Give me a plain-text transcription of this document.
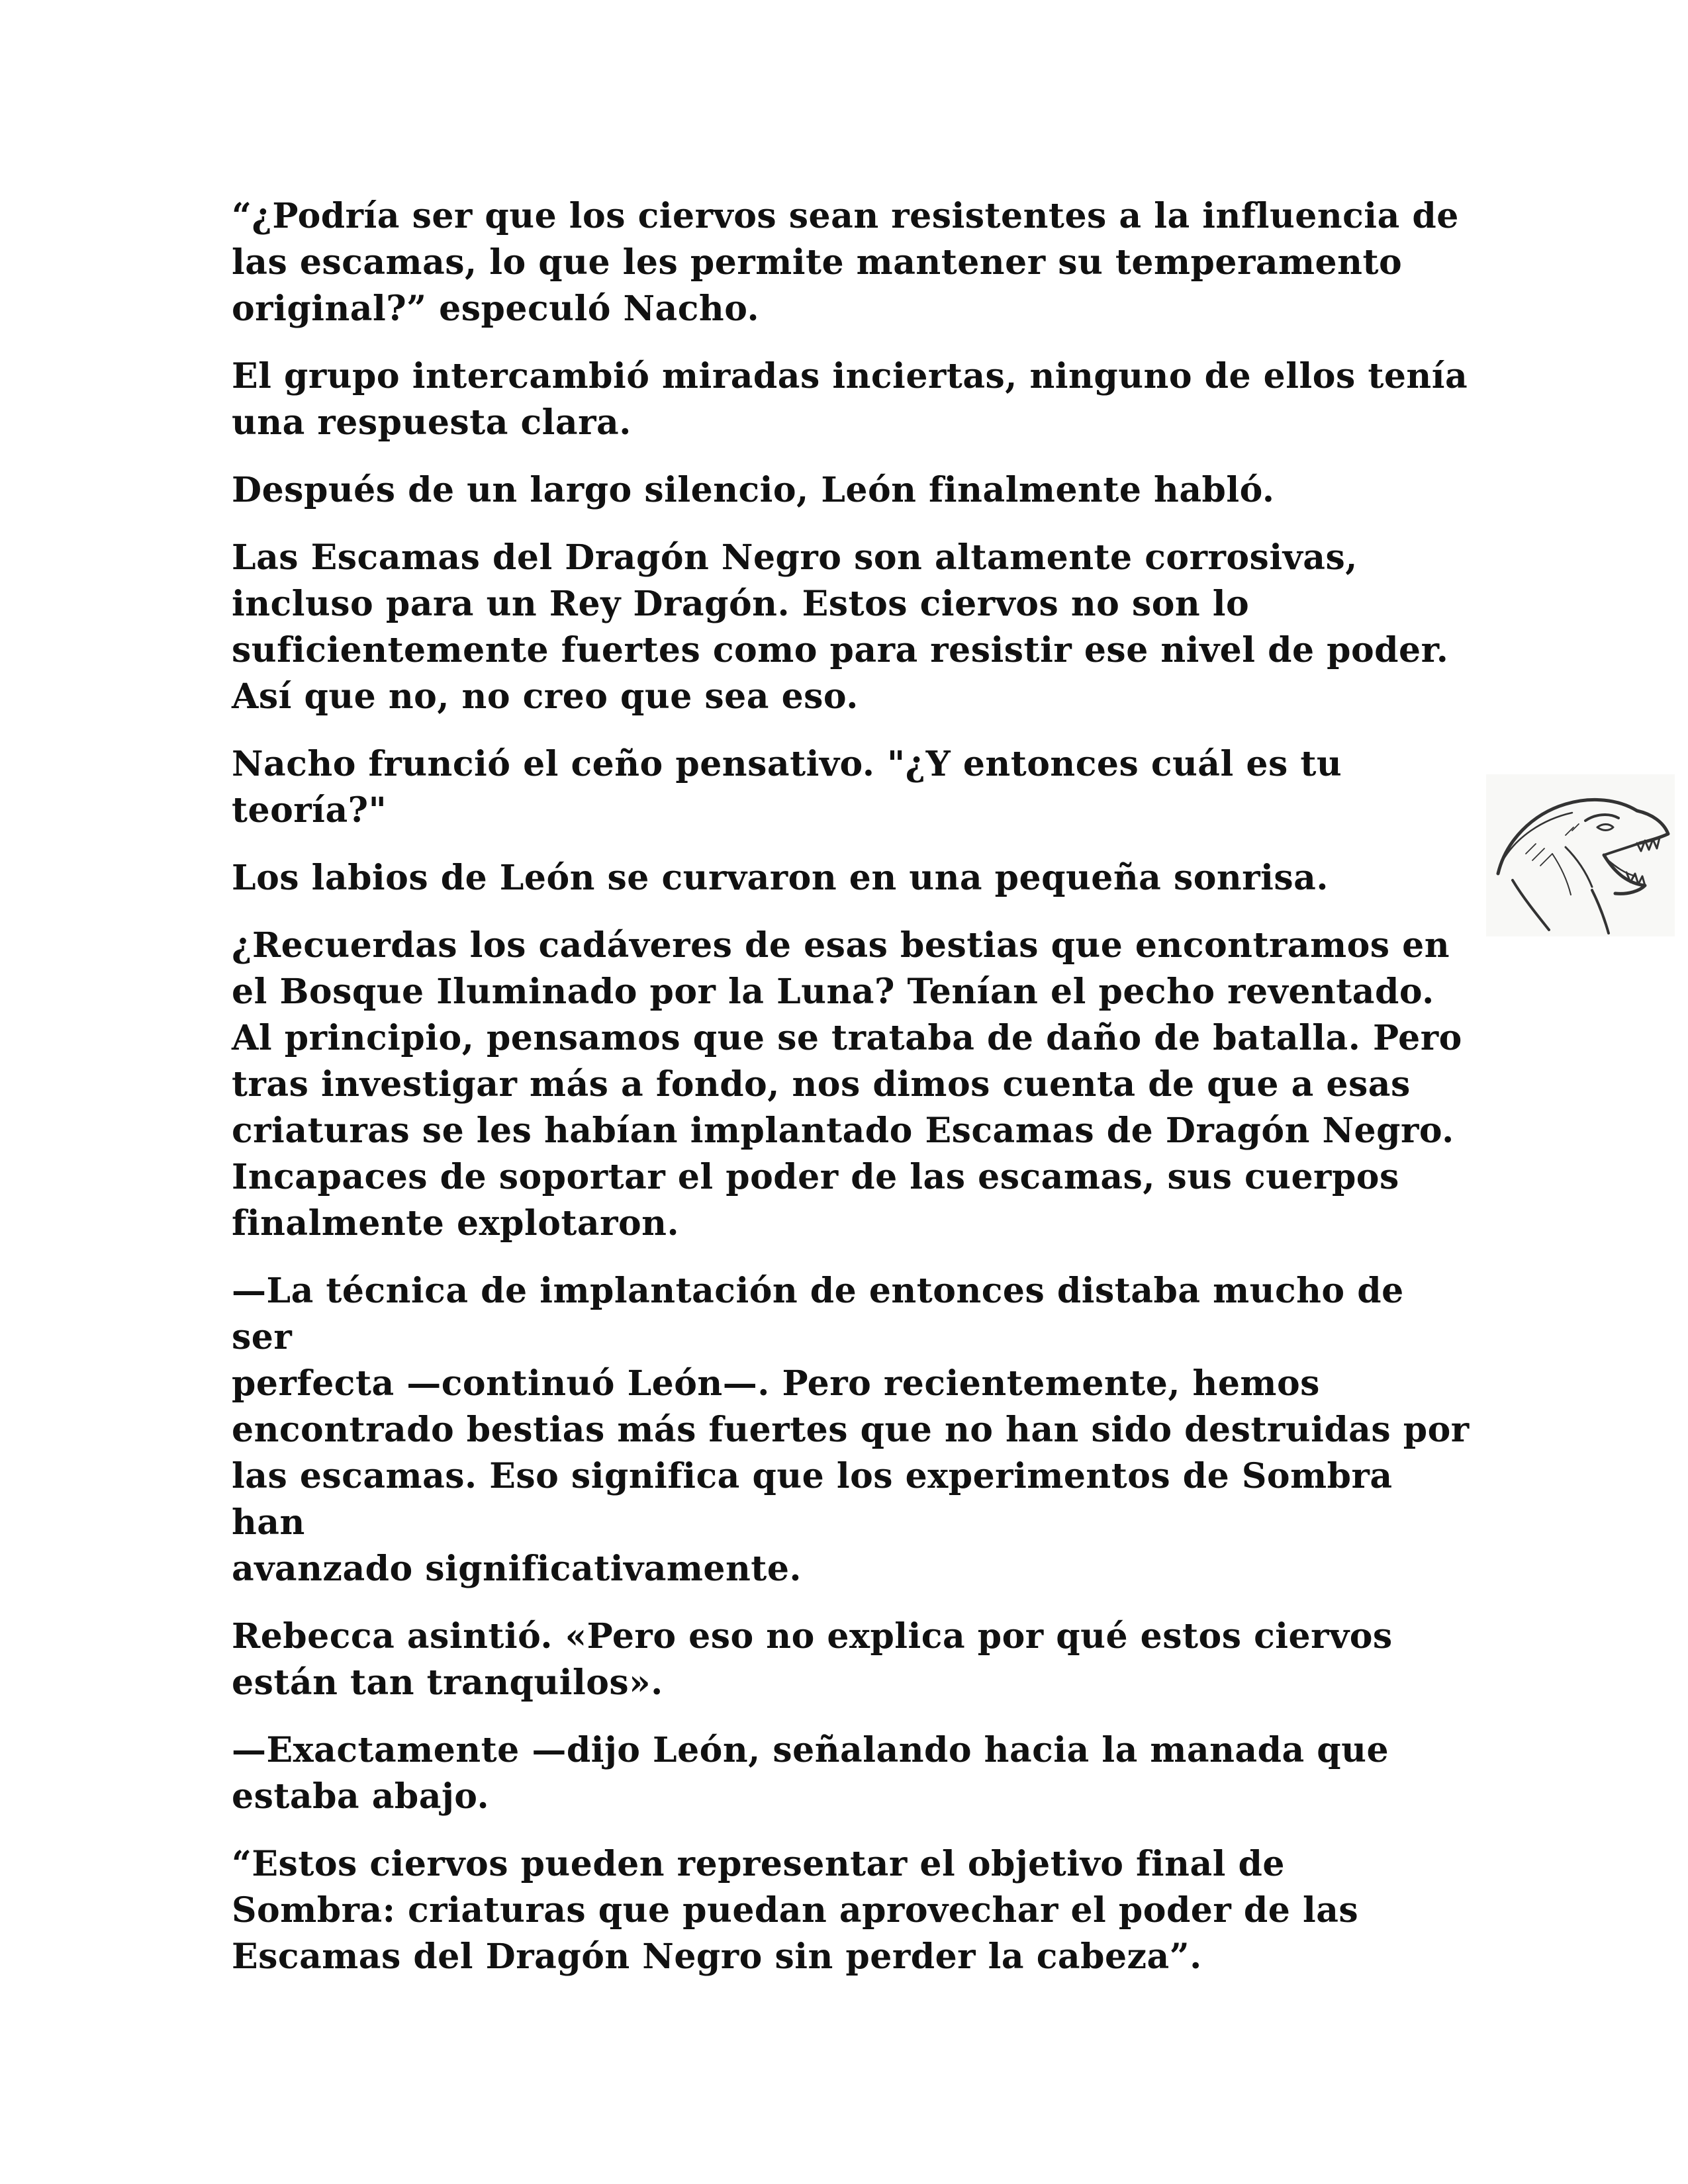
“¿Podría ser que los ciervos sean resistentes a la influencia de
las escamas, lo que les permite mantener su temperamento
original?” especuló Nacho.

El grupo intercambió miradas inciertas, ninguno de ellos tenía
una respuesta clara.

Después de un largo silencio, León finalmente habló.

Las Escamas del Dragón Negro son altamente corrosivas,
incluso para un Rey Dragón. Estos ciervos no son lo
suficientemente fuertes como para resistir ese nivel de poder.
Así que no, no creo que sea eso.

Nacho frunció el ceño pensativo. "¿Y entonces cuál es tu
teoría?"

Los labios de León se curvaron en una pequeña sonrisa.

¿Recuerdas los cadáveres de esas bestias que encontramos en
el Bosque Iluminado por la Luna? Tenían el pecho reventado.
Al principio, pensamos que se trataba de daño de batalla. Pero
tras investigar más a fondo, nos dimos cuenta de que a esas
criaturas se les habían implantado Escamas de Dragón Negro.
Incapaces de soportar el poder de las escamas, sus cuerpos
finalmente explotaron.

—La técnica de implantación de entonces distaba mucho de ser
perfecta —continuó León—. Pero recientemente, hemos
encontrado bestias más fuertes que no han sido destruidas por
las escamas. Eso significa que los experimentos de Sombra han
avanzado significativamente.

Rebecca asintió. «Pero eso no explica por qué estos ciervos
están tan tranquilos».

—Exactamente —dijo León, señalando hacia la manada que
estaba abajo.

“Estos ciervos pueden representar el objetivo final de
Sombra: criaturas que puedan aprovechar el poder de las
Escamas del Dragón Negro sin perder la cabeza”.
